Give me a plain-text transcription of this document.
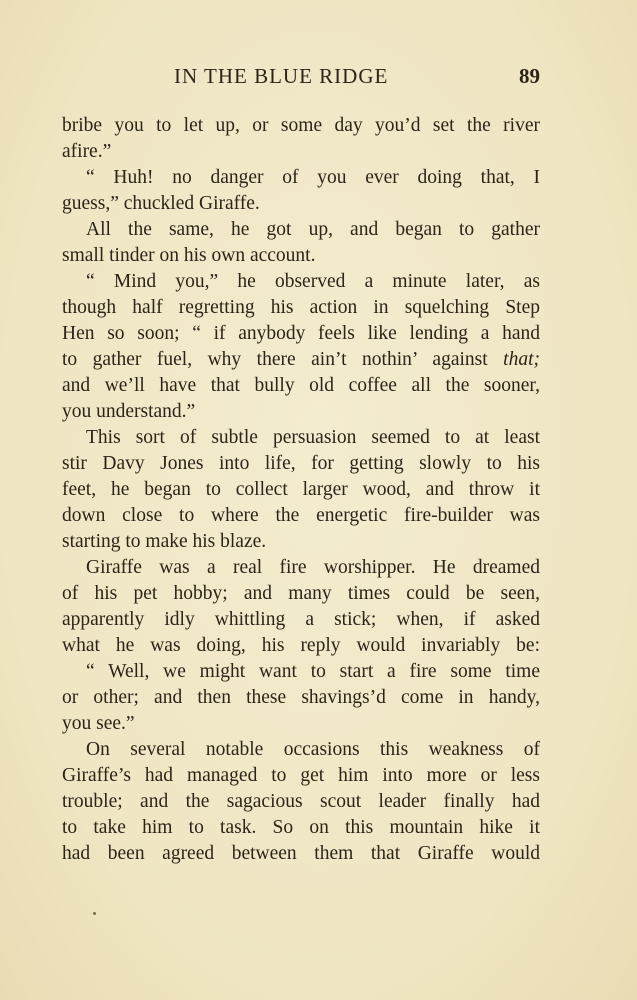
IN THE BLUE RIDGE	89
bribe you to let up, or some day you’d set the river
afire.”
“ Huh! no danger of you ever doing that, I
guess,” chuckled Giraffe.
All the same, he got up, and began to gather
small tinder on his own account.
“ Mind you,” he observed a minute later, as
though half regretting his action in squelching Step
Hen so soon; “ if anybody feels like lending a hand
to gather fuel, why there ain’t nothin’ against that;
and we’ll have that bully old coffee all the sooner,
you understand.”
This sort of subtle persuasion seemed to at least
stir Davy Jones into life, for getting slowly to his
feet, he began to collect larger wood, and throw it
down close to where the energetic fire-builder was
starting to make his blaze.
Giraffe was a real fire worshipper. He dreamed
of his pet hobby; and many times could be seen,
apparently idly whittling a stick; when, if asked
what he was doing, his reply would invariably be:
“ Well, we might want to start a fire some time
or other; and then these shavings’d come in handy,
you see.”
On several notable occasions this weakness of
Giraffe’s had managed to get him into more or less
trouble; and the sagacious scout leader finally had
to take him to task. So on this mountain hike it
had been agreed between them that Giraffe would
